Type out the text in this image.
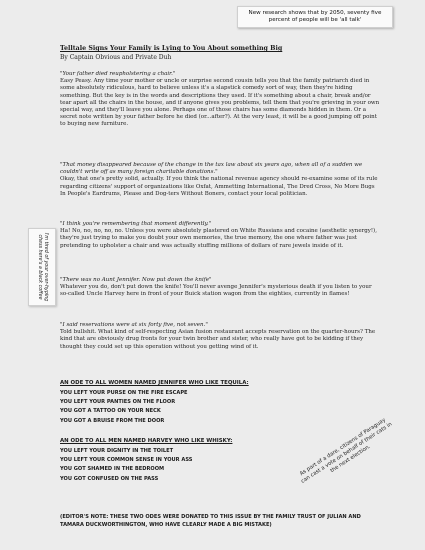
New research shows that by 2050, seventy five percent of people will be 'all talk'
Telltale Signs Your Family is Lying to You About something Big
By Captain Obvious and Private Duh

"Your father died reupholstering a chair."

Easy Peasy. Any time your mother or uncle or surprise second cousin tells you that the family patriarch died in some absolutely ridiculous, hard to believe unless it's a slapstick comedy sort of way, then they're hiding something. But the key is in the words and descriptions they used. If it's something about a chair, break and/or tear apart all the chairs in the house, and if anyone gives you problems, tell them that you're grieving in your own special way, and they'll leave you alone. Perhaps one of those chairs has some diamonds hidden in them. Or a secret note written by your father before he died (or...after?). At the very least, it will be a good jumping off point to buying new furniture.

"That money disappeared because of the change in the tax law about six years ago, when all of a sudden we couldn't write off as many foreign charitable donations."

Okay, that one's pretty solid, actually. If you think the national revenue agency should re-examine some of its rule regarding citizens' support of organizations like Oxfat, Ammetting International, The Dred Cross, No More Bugs In People's Eardrums, Please and Dog-ters Without Boners, contact your local politician.

"I think you're remembering that moment differently."

Ha! No, no, no, no, no. Unless you were absolutely plastered on White Russians and cocaine (aesthetic synergy!), they're just trying to make you doubt your own memories, the true memory, the one where father was just pretending to upholster a chair and was actually stuffing millions of dollars of rare jewels inside of it.

"There was no Aunt Jennifer. Now put down the knife"

Whatever you do, don't put down the knife! You'll never avenge Jennifer's mysterious death if you listen to your so-called Uncle Harvey here in front of your Buick station wagon from the eighties, currently in flames!

"I said reservations were at six forty five, not seven."

Told bullshit. What kind of self-respecting Asian fusion restaurant accepts reservation on the quarter-hours? The kind that are obviously drug fronts for your twin brother and sister, who really have got to be kidding if they thought they could set up this operation without you getting wind of it.

AN ODE TO ALL WOMEN NAMED JENNIFER WHO LIKE TEQUILA:
YOU LEFT YOUR PURSE ON THE FIRE ESCAPE
YOU LEFT YOUR PANTIES ON THE FLOOR
YOU GOT A TATTOO ON YOUR NECK
YOU GOT A BRUISE FROM THE DOOR
AN ODE TO ALL MEN NAMED HARVEY WHO LIKE WHISKY:
YOU LEFT YOUR DIGNITY IN THE TOILET
YOU LEFT YOUR COMMON SENSE IN YOUR ASS
YOU GOT SHAMED IN THE BEDROOM
YOU GOT CONFUSED ON THE PASS
(EDITOR'S NOTE: THESE TWO ODES WERE DONATED TO THIS ISSUE BY THE FAMILY TRUST OF JULIAN AND TAMARA DUCKWORTHINGTON, WHO HAVE CLEARLY MADE A BIG MISTAKE)
I'm tired of your over-hyping chess here's a black coffee
As part of a dare, citizens of Paraguay can cast a vote on behalf of their cats in the next election.
